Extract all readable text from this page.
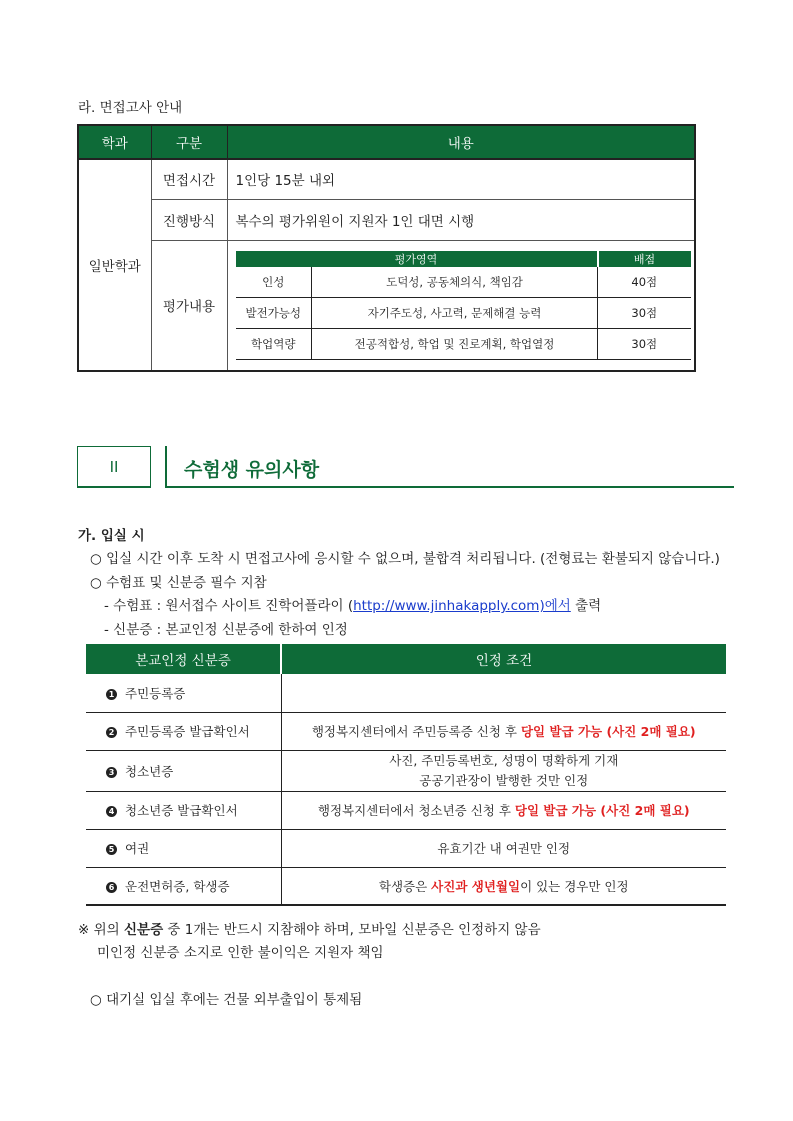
라. 면접고사 안내
학과	구분	내용
일반학과	면접시간	1인당 15분 내외
진행방식	복수의 평가위원이 지원자 1인 대면 시행
평가내용	
평가영역	배점
인성	도덕성, 공동체의식, 책임감	40점
발전가능성	자기주도성, 사고력, 문제해결 능력	30점
학업역량	전공적합성, 학업 및 진로계획, 학업열정	30점
II	수험생 유의사항
가. 입실 시
○ 입실 시간 이후 도착 시 면접고사에 응시할 수 없으며, 불합격 처리됩니다. (전형료는 환불되지 않습니다.)
○ 수험표 및 신분증 필수 지참
- 수험표 : 원서접수 사이트 진학어플라이 (http://www.jinhakapply.com)에서 출력
- 신분증 : 본교인정 신분증에 한하여 인정
본교인정 신분증	인정 조건
1 주민등록증	
2 주민등록증 발급확인서	행정복지센터에서 주민등록증 신청 후 당일 발급 가능 (사진 2매 필요)
3 청소년증	사진, 주민등록번호, 성명이 명확하게 기재
공공기관장이 발행한 것만 인정

4 청소년증 발급확인서	행정복지센터에서 청소년증 신청 후 당일 발급 가능 (사진 2매 필요)
5 여권	유효기간 내 여권만 인정
6 운전면허증, 학생증	학생증은 사진과 생년월일이 있는 경우만 인정
※ 위의 신분증 중 1개는 반드시 지참해야 하며, 모바일 신분증은 인정하지 않음
미인정 신분증 소지로 인한 불이익은 지원자 책임
○ 대기실 입실 후에는 건물 외부출입이 통제됨
